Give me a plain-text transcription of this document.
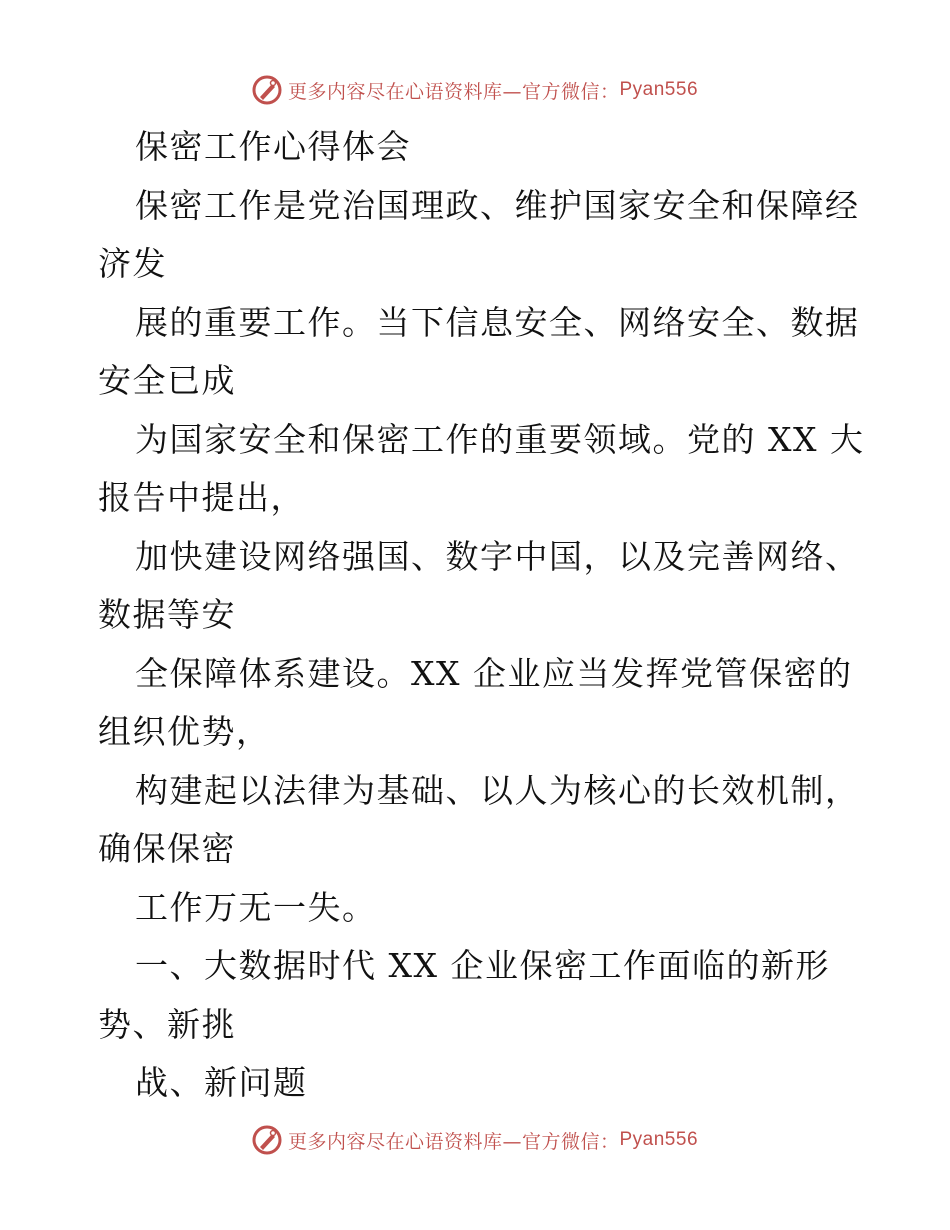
更多内容尽在心语资料库—官方微信： Pyan556
保密工作心得体会
保密工作是党治国理政、维护国家安全和保障经
济发
展的重要工作。当下信息安全、网络安全、数据
安全已成
为国家安全和保密工作的重要领域。党的 XX 大
报告中提出，
加快建设网络强国、数字中国，以及完善网络、
数据等安
全保障体系建设。XX 企业应当发挥党管保密的
组织优势，
构建起以法律为基础、以人为核心的长效机制，
确保保密
工作万无一失。
一、大数据时代 XX 企业保密工作面临的新形
势、新挑
战、新问题
更多内容尽在心语资料库—官方微信： Pyan556
